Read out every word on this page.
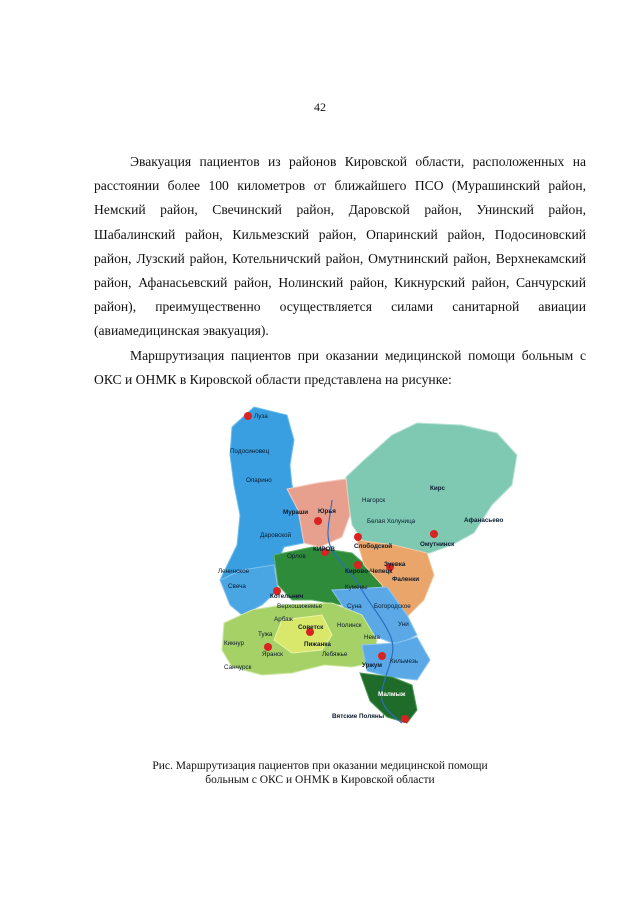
42

Эвакуация пациентов из районов Кировской области, расположенных на расстоянии более 100 километров от ближайшего ПСО (Мурашинский район, Немский район, Свечинский район, Даровской район, Унинский район, Шабалинский район, Кильмезский район, Опаринский район, Подосиновский район, Лузский район, Котельничский район, Омутнинский район, Верхнекамский район, Афанасьевский район, Нолинский район, Кикнурский район, Санчурский район), преимущественно осуществляется силами санитарной авиации (авиамедицинская эвакуация).

Маршрутизация пациентов при оказании медицинской помощи больным с ОКС и ОНМК в Кировской области представлена на рисунке:

Луза
Подосиновец
Опарино
Мураши Юрья
Нагорск
Кирс
Афанасьево
Белая Холуница
Даровской
Слободской	Омутнинск
КИРОВ
Орлов
Зуевка
Ленинское	Кирово-Чепецк
Фаленки
Свеча
Котельнич
Кумены
Верхошижемье	Богородское
Суна
Арбаж
Советск Нолинск	Уни
Тужа
Кикнур	Пижанка
Нема
Яранск	Лебяжье
Санчурск	Уржум
Кильмезь
Малмыж
Вятские Поляны
Рис. Маршрутизация пациентов при оказании медицинской помощи
больным с ОКС и ОНМК в Кировской области
